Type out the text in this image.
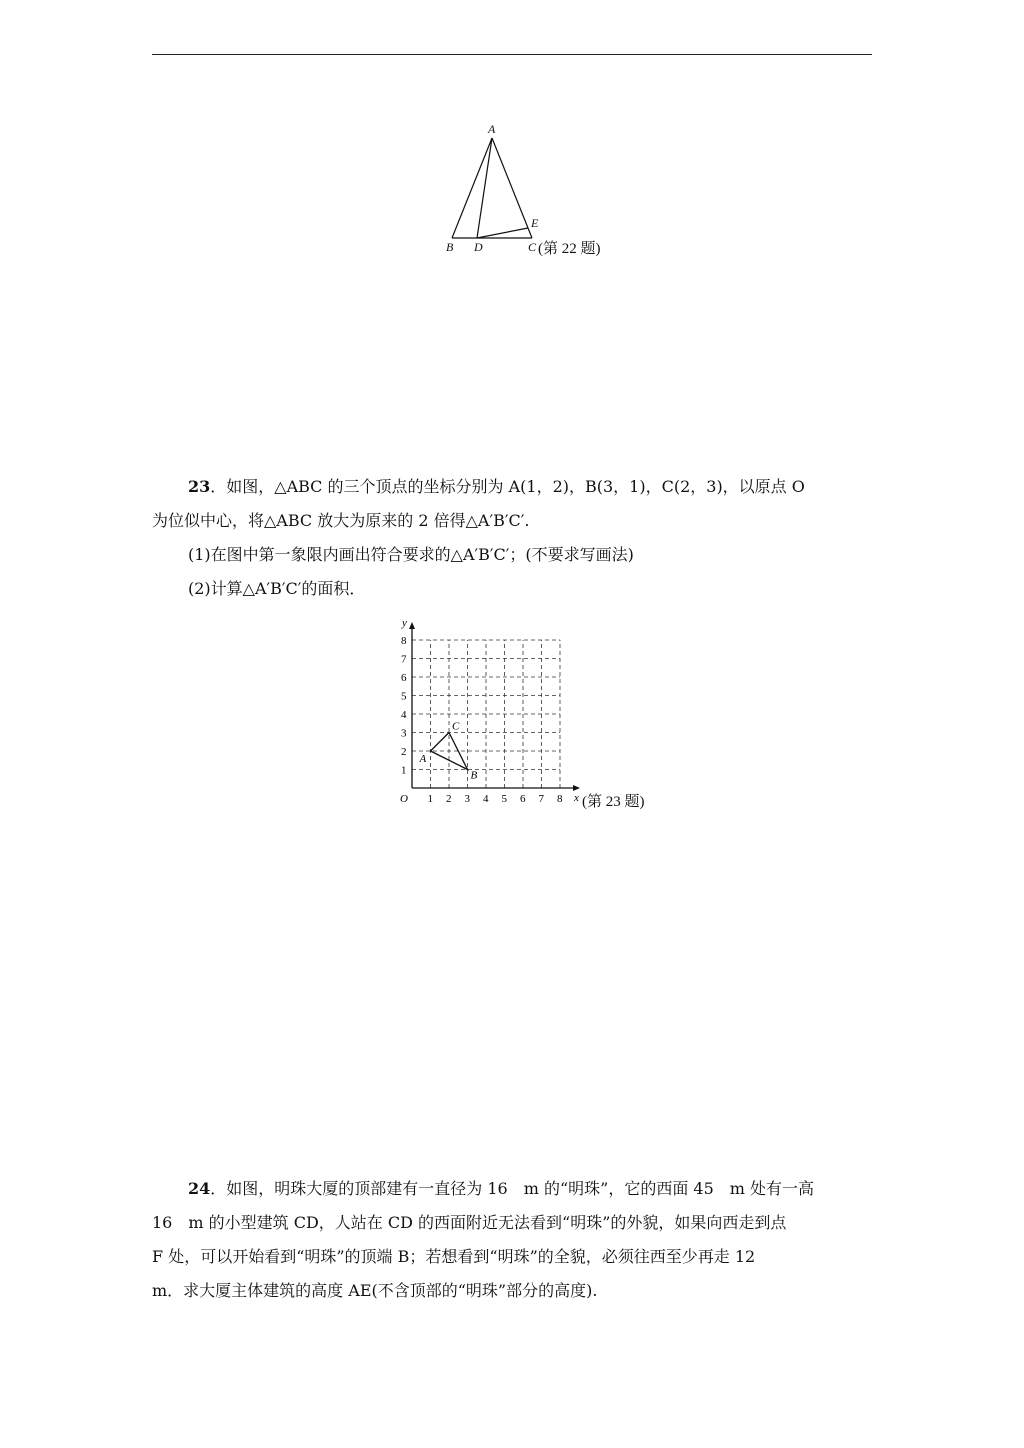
A
B D	C
E
(第 22 题)
23．如图，△ABC 的三个顶点的坐标分别为 A(1，2)，B(3，1)，C(2，3)，以原点 O
为位似中心，将△ABC 放大为原来的 2 倍得△A′B′C′.
(1)在图中第一象限内画出符合要求的△A′B′C′；(不要求写画法)
(2)计算△A′B′C′的面积．
1 2 3 4 5 6 7 8
1
2
3
4
5
6
7
8
O	x
y
A
B
C
(第 23 题)
24．如图，明珠大厦的顶部建有一直径为 16　m 的“明珠”，它的西面 45　m 处有一高
16　m 的小型建筑 CD，人站在 CD 的西面附近无法看到“明珠”的外貌，如果向西走到点
F 处，可以开始看到“明珠”的顶端 B；若想看到“明珠”的全貌，必须往西至少再走 12
m．求大厦主体建筑的高度 AE(不含顶部的“明珠”部分的高度).
